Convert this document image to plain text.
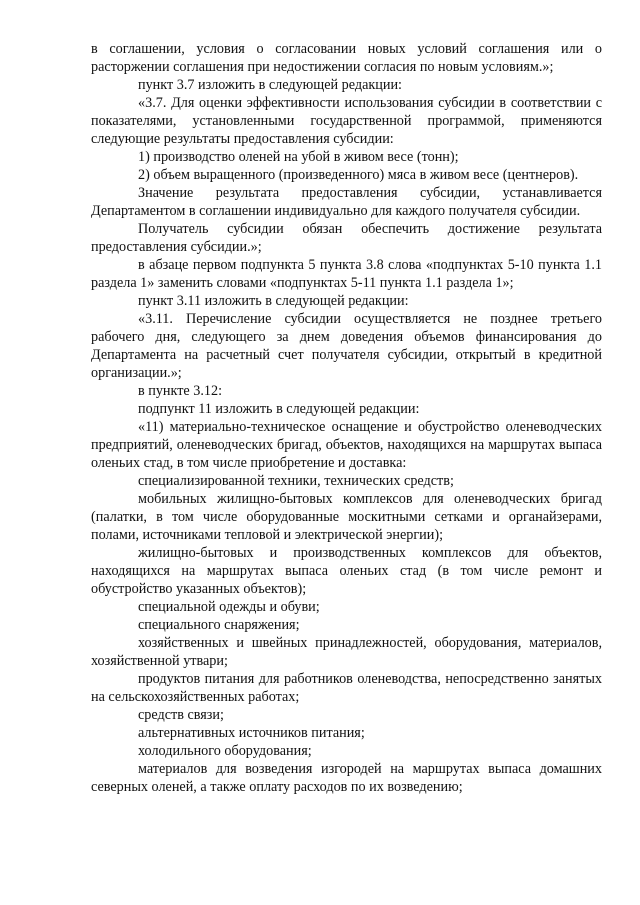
в соглашении, условия о согласовании новых условий соглашения или о расторжении соглашения при недостижении согласия по новым условиям.»;

пункт 3.7 изложить в следующей редакции:

«3.7. Для оценки эффективности использования субсидии в соответствии с показателями, установленными государственной программой, применяются следующие результаты предоставления субсидии:

1) производство оленей на убой в живом весе (тонн);

2) объем выращенного (произведенного) мяса в живом весе (центнеров).

Значение результата предоставления субсидии, устанавливается Департаментом в соглашении индивидуально для каждого получателя субсидии.

Получатель субсидии обязан обеспечить достижение результата предоставления субсидии.»;

в абзаце первом подпункта 5 пункта 3.8 слова «подпунктах 5-10 пункта 1.1 раздела 1» заменить словами «подпунктах 5-11 пункта 1.1 раздела 1»;

пункт 3.11 изложить в следующей редакции:

«3.11. Перечисление субсидии осуществляется не позднее третьего рабочего дня, следующего за днем доведения объемов финансирования до Департамента на расчетный счет получателя субсидии, открытый в кредитной организации.»;

в пункте 3.12:

подпункт 11 изложить в следующей редакции:

«11) материально-техническое оснащение и обустройство оленеводческих предприятий, оленеводческих бригад, объектов, находящихся на маршрутах выпаса оленьих стад, в том числе приобретение и доставка:

специализированной техники, технических средств;

мобильных жилищно-бытовых комплексов для оленеводческих бригад (палатки, в том числе оборудованные москитными сетками и органайзерами, полами, источниками тепловой и электрической энергии);

жилищно-бытовых и производственных комплексов для объектов, находящихся на маршрутах выпаса оленьих стад (в том числе ремонт и обустройство указанных объектов);

специальной одежды и обуви;

специального снаряжения;

хозяйственных и швейных принадлежностей, оборудования, материалов, хозяйственной утвари;

продуктов питания для работников оленеводства, непосредственно занятых на сельскохозяйственных работах;

средств связи;

альтернативных источников питания;

холодильного оборудования;

материалов для возведения изгородей на маршрутах выпаса домашних северных оленей, а также оплату расходов по их возведению;
